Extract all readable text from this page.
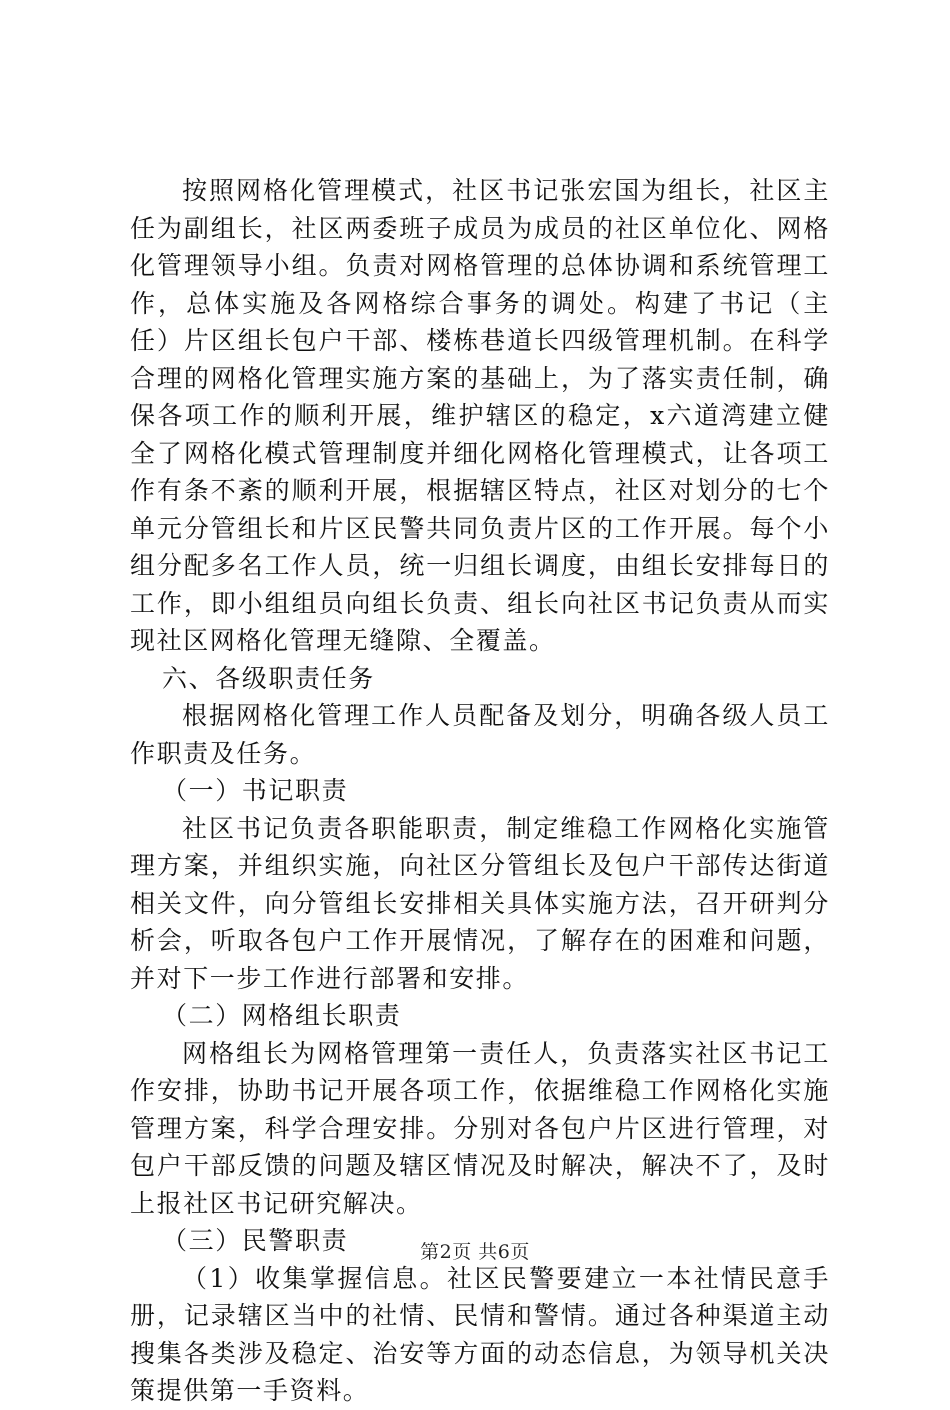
按照网格化管理模式，社区书记张宏国为组长，社区主任为副组长，社区两委班子成员为成员的社区单位化、网格化管理领导小组。负责对网格管理的总体协调和系统管理工作，总体实施及各网格综合事务的调处。构建了书记（主任）片区组长包户干部、楼栋巷道长四级管理机制。在科学合理的网格化管理实施方案的基础上，为了落实责任制，确保各项工作的顺利开展，维护辖区的稳定，x六道湾建立健全了网格化模式管理制度并细化网格化管理模式，让各项工作有条不紊的顺利开展，根据辖区特点，社区对划分的七个单元分管组长和片区民警共同负责片区的工作开展。每个小组分配多名工作人员，统一归组长调度，由组长安排每日的工作，即小组组员向组长负责、组长向社区书记负责从而实现社区网格化管理无缝隙、全覆盖。

六、各级职责任务

根据网格化管理工作人员配备及划分，明确各级人员工作职责及任务。

（一）书记职责

社区书记负责各职能职责，制定维稳工作网格化实施管理方案，并组织实施，向社区分管组长及包户干部传达街道相关文件，向分管组长安排相关具体实施方法，召开研判分析会，听取各包户工作开展情况，了解存在的困难和问题，并对下一步工作进行部署和安排。

（二）网格组长职责

网格组长为网格管理第一责任人，负责落实社区书记工作安排，协助书记开展各项工作，依据维稳工作网格化实施管理方案，科学合理安排。分别对各包户片区进行管理，对包户干部反馈的问题及辖区情况及时解决，解决不了，及时上报社区书记研究解决。

（三）民警职责

（1）收集掌握信息。社区民警要建立一本社情民意手册，记录辖区当中的社情、民情和警情。通过各种渠道主动搜集各类涉及稳定、治安等方面的动态信息，为领导机关决策提供第一手资料。

第2页 共6页
